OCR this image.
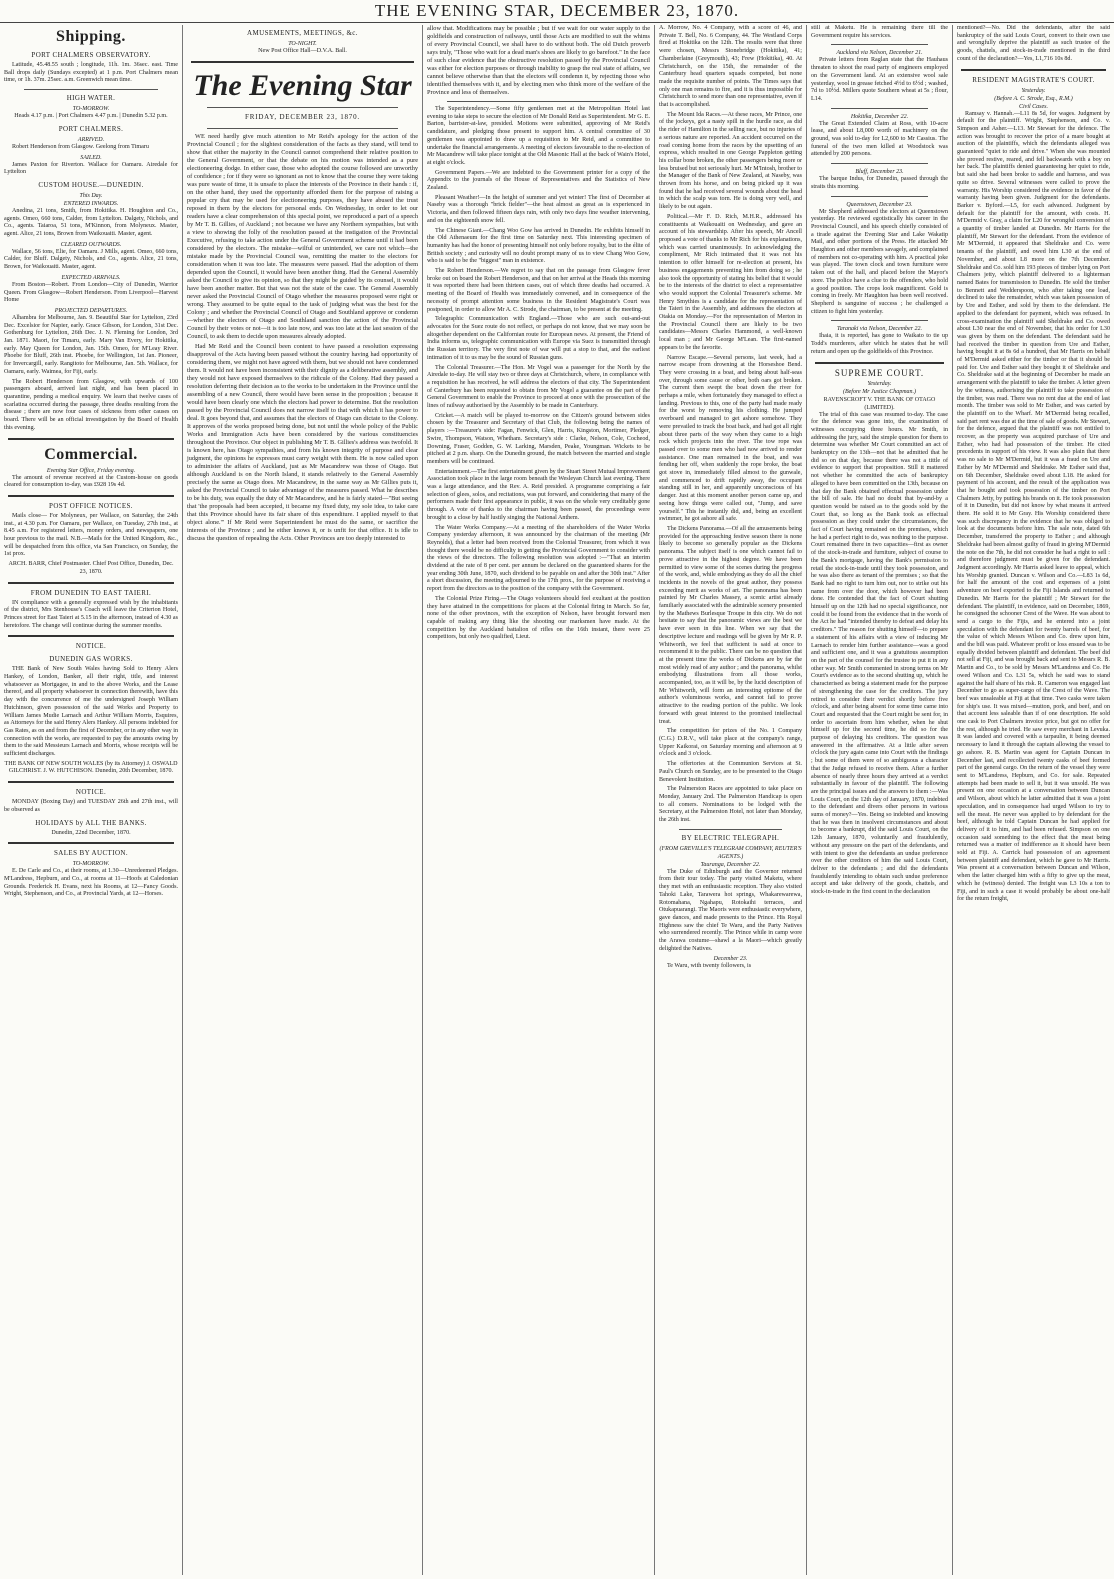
THE EVENING STAR, DECEMBER 23, 1870.
Shipping.
PORT CHALMERS OBSERVATORY.

Latitude, 45.48.55 south ; longitude, 11h. 1m. 36sec. east. Time Ball drops daily (Sundays excepted) at 1 p.m. Port Chalmers mean time, or 1h. 37m. 25sec. a.m. Greenwich mean time.

HIGH WATER.
TO-MORROW.

Heads 4.17 p.m. | Port Chalmers 4.47 p.m. | Dunedin 5.32 p.m.

PORT CHALMERS.
ARRIVED.

Robert Henderson from Glasgow. Geelong from Timaru

SAILED.

James Paxton for Riverton. Wallace for Oamaru. Airedale for Lyttelton

CUSTOM HOUSE.—DUNEDIN.
This Day.
ENTERED INWARDS.

Anedina, 21 tons, Smith, from Hokitika. H. Houghton and Co., agents. Omeo, 660 tons, Calder, from Lyttelton. Dalgety, Nichols, and Co., agents. Taiaroa, 51 tons, M'Kinnon, from Molyneux. Master, agent. Alice, 21 tons, Brown from Waikouaiti. Master, agent.

CLEARED OUTWARDS.

Wallace, 56 tons, Elie, for Oamaru. J Mills, agent. Omeo, 660 tons, Calder, for Bluff. Dalgety, Nichols, and Co., agents. Alice, 21 tons, Brown, for Waikouaiti. Master, agent.

EXPECTED ARRIVALS.

From Boston—Robert. From London—City of Dunedin, Warrior Queen. From Glasgow—Robert Henderson. From Liverpool—Harvest Home

PROJECTED DEPARTURES.

Alhambra for Melbourne, Jan. 9. Beautiful Star for Lyttelton, 23rd Dec. Excelsior for Napier, early. Grace Gibson, for London, 31st Dec. Gothenburg for Lyttelton, 26th Dec. J. N. Fleming for London, 3rd Jan. 1871. Maori, for Timaru, early. Mary Van Every, for Hokitika, early. May Queen for London, Jan. 15th. Omeo, for M'Leay River. Phoebe for Bluff, 26th inst. Phoebe, for Wellington, 1st Jan. Pioneer, for Invercargill, early. Rangitoto for Melbourne, Jan. 5th. Wallace, for Oamaru, early. Waimea, for Fiji, early.

The Robert Henderson from Glasgow, with upwards of 100 passengers aboard, arrived last night, and has been placed in quarantine, pending a medical enquiry. We learn that twelve cases of scarlatina occurred during the passage, three deaths resulting from the disease ; there are now four cases of sickness from other causes on board. There will be an official investigation by the Board of Health this evening.

Commercial.
Evening Star Office, Friday evening.

The amount of revenue received at the Custom-house on goods cleared for consumption to-day, was £928 19s 4d.

POST OFFICE NOTICES.

Mails close— For Molyneux, per Wallace, on Saturday, the 24th inst., at 4.30 p.m. For Oamaru, per Wallace, on Tuesday, 27th inst., at 8.45 a.m. For registered letters, money orders, and newspapers, one hour previous to the mail. N.B.—Mails for the United Kingdom, &c., will be despatched from this office, via San Francisco, on Sunday, the 1st prox.

ARCH. BARR, Chief Postmaster. Chief Post Office, Dunedin, Dec. 23, 1870.

FROM DUNEDIN TO EAST TAIERI.

IN compliance with a generally expressed wish by the inhabitants of the district, Mrs Stenhouse's Coach will leave the Criterion Hotel, Princes street for East Taieri at 5.15 in the afternoon, instead of 4.30 as heretofore. The change will continue during the summer months.

NOTICE.
DUNEDIN GAS WORKS.

THE Bank of New South Wales having Sold to Henry Alers Hankey, of London, Banker, all their right, title, and interest whatsoever as Mortgagee, in and to the above Works, and the Lease thereof, and all property whatsoever in connection therewith, have this day with the concurrence of me the undersigned Joseph William Hutchinson, given possession of the said Works and Property to William James Mudie Larnach and Arthur William Morris, Esquires, as Attorneys for the said Henry Alers Hankey. All persons indebted for Gas Rates, as on and from the first of December, or in any other way in connection with the works, are requested to pay the amounts owing by them to the said Messieurs Larnach and Morris, whose receipts will be sufficient discharges.

THE BANK OF NEW SOUTH WALES (by its Attorney) J. OSWALD GILCHRIST. J. W. HUTCHISON. Dunedin, 20th December, 1870.

NOTICE.

MONDAY (Boxing Day) and TUESDAY 26th and 27th inst., will be observed as

HOLIDAYS by ALL THE BANKS.

Dunedin, 22nd December, 1870.

SALES BY AUCTION.
TO-MORROW.

E. De Carle and Co., at their rooms, at 1.30—Unredeemed Pledges. M'Landress, Hepburn, and Co., at rooms at 11—Hoofs at Caledonian Grounds. Frederick H. Evans, next his Rooms, at 12—Fancy Goods. Wright, Stephenson, and Co., at Provincial Yards, at 12—Horses.

AMUSEMENTS, MEETINGS, &c.
TO-NIGHT.

New Post Office Hall—D.V.A. Ball.

The Evening Star
FRIDAY, DECEMBER 23, 1870.

WE need hardly give much attention to Mr Reid's apology for the action of the Provincial Council ; for the slightest consideration of the facts as they stand, will tend to show that either the majority in the Council cannot comprehend their relative position to the General Government, or that the debate on his motion was intended as a pure electioneering dodge. In either case, those who adopted the course followed are unworthy of confidence ; for if they were so ignorant as not to know that the course they were taking was pure waste of time, it is unsafe to place the interests of the Province in their hands : if, on the other hand, they used the opportunity afforded them for the purpose of raising a popular cry that may be used for electioneering purposes, they have abused the trust reposed in them by the electors for personal ends. On Wednesday, in order to let our readers have a clear comprehension of this special point, we reproduced a part of a speech by Mr T. B. Gillies, of Auckland ; not because we have any Northern sympathies, but with a view to showing the folly of the resolution passed at the instigation of the Provincial Executive, refusing to take action under the General Government scheme until it had been considered by the electors. The mistake—wilful or unintended, we care not which—the mistake made by the Provincial Council was, remitting the matter to the electors for consideration when it was too late. The measures were passed. Had the adoption of them depended upon the Council, it would have been another thing. Had the General Assembly asked the Council to give its opinion, so that they might be guided by its counsel, it would have been another matter. But that was not the state of the case. The General Assembly never asked the Provincial Council of Otago whether the measures proposed were right or wrong. They assumed to be quite equal to the task of judging what was the best for the Colony ; and whether the Provincial Council of Otago and Southland approve or condemn—whether the electors of Otago and Southland sanction the action of the Provincial Council by their votes or not—it is too late now, and was too late at the last session of the Council, to ask them to decide upon measures already adopted.

Had Mr Reid and the Council been content to have passed a resolution expressing disapproval of the Acts having been passed without the country having had opportunity of considering them, we might not have agreed with them, but we should not have condemned them. It would not have been inconsistent with their dignity as a deliberative assembly, and they would not have exposed themselves to the ridicule of the Colony. Had they passed a resolution deferring their decision as to the works to be undertaken in the Province until the assembling of a new Council, there would have been sense in the proposition ; because it would have been clearly one which the electors had power to determine. But the resolution passed by the Provincial Council does not narrow itself to that with which it has power to deal. It goes beyond that, and assumes that the electors of Otago can dictate to the Colony. It approves of the works proposed being done, but not until the whole policy of the Public Works and Immigration Acts have been considered by the various constituencies throughout the Province. Our object in publishing Mr T. B. Gillies's address was twofold. It is known here, has Otago sympathies, and from his known integrity of purpose and clear judgment, the opinions he expresses must carry weight with them. He is now called upon to administer the affairs of Auckland, just as Mr Macandrew was those of Otago. But although Auckland is on the North Island, it stands relatively to the General Assembly precisely the same as Otago does. Mr Macandrew, in the same way as Mr Gillies puts it, asked the Provincial Council to take advantage of the measures passed. What he describes to be his duty, was equally the duty of Mr Macandrew, and he is fairly stated—"But seeing that 'the proposals had been accepted, it became my fixed duty, my sole idea, to take care that this Province should have its fair share of this expenditure. I applied myself to that object alone.'" If Mr Reid were Superintendent he must do the same, or sacrifice the interests of the Province ; and he either knows it, or is unfit for that office. It is idle to discuss the question of repealing the Acts. Other Provinces are too deeply interested to

allow that. Modifications may be possible ; but if we wait for our water supply to the goldfields and construction of railways, until those Acts are modified to suit the whims of every Provincial Council, we shall have to do without both. The old Dutch proverb says truly, "Those who wait for a dead man's shoes are likely to go barefoot." In the face of such clear evidence that the obstructive resolution passed by the Provincial Council was either for election purposes or through inability to grasp the real state of affairs, we cannot believe otherwise than that the electors will condemn it, by rejecting those who identified themselves with it, and by electing men who think more of the welfare of the Province and less of themselves.

The Superintendency.—Some fifty gentlemen met at the Metropolitan Hotel last evening to take steps to secure the election of Mr Donald Reid as Superintendent. Mr G. E. Barton, barrister-at-law, presided. Motions were submitted, approving of Mr Reid's candidature, and pledging those present to support him. A central committee of 30 gentlemen was appointed to draw up a requisition to Mr Reid, and a committee to undertake the financial arrangements. A meeting of electors favourable to the re-election of Mr Macandrew will take place tonight at the Old Masonic Hall at the back of Wain's Hotel, at eight o'clock.

Government Papers.—We are indebted to the Government printer for a copy of the Appendix to the journals of the House of Representatives and the Statistics of New Zealand.

Pleasant Weather!—In the height of summer and yet winter! The first of December at Naseby was a thorough "brick fielder"—the heat almost as great as is experienced in Victoria, and then followed fifteen days rain, with only two days fine weather intervening, and on the eighteenth snow fell.

The Chinese Giant.—Chang Woo Gow has arrived in Dunedin. He exhibits himself in the Old Athenaeum for the first time on Saturday next. This interesting specimen of humanity has had the honor of presenting himself not only before royalty, but to the élite of British society ; and curiosity will no doubt prompt many of us to view Chang Woo Gow, who is said to be the "biggest" man in existence.

The Robert Henderson.—We regret to say that on the passage from Glasgow fever broke out on board the Robert Henderson, and that on her arrival at the Heads this morning it was reported there had been thirteen cases, out of which three deaths had occurred. A meeting of the Board of Health was immediately convened, and in consequence of the necessity of prompt attention some business in the Resident Magistrate's Court was postponed, in order to allow Mr A. C. Strode, the chairman, to be present at the meeting.

Telegraphic Communication with England.—Those who are such out-and-out advocates for the Suez route do not reflect, or perhaps do not know, that we may soon be altogether dependent on the Californian route for European news. At present, the Friend of India informs us, telegraphic communication with Europe via Suez is transmitted through the Russian territory. The very first note of war will put a stop to that, and the earliest intimation of it to us may be the sound of Russian guns.

The Colonial Treasurer.—The Hon. Mr Vogel was a passenger for the North by the Airedale to-day. He will stay two or three days at Christchurch, where, in compliance with a requisition he has received, he will address the electors of that city. The Superintendent of Canterbury has been requested to obtain from Mr Vogel a guarantee on the part of the General Government to enable the Province to proceed at once with the prosecution of the lines of railway authorised by the Assembly to be made in Canterbury.

Cricket.—A match will be played to-morrow on the Citizen's ground between sides chosen by the Treasurer and Secretary of that Club, the following being the names of players :—Treasurer's side: Fagan, Fenwick, Glen, Harris, Kingston, Mortimer, Pledger, Swire, Thompson, Watson, Whetham. Secretary's side : Clarke, Nelson, Cole, Cocheod, Downing, Fraser, Godden, G. W. Larking, Marsden, Peake, Youngman. Wickets to be pitched at 2 p.m. sharp. On the Dunedin ground, the match between the married and single members will be continued.

Entertainment.—The first entertainment given by the Stuart Street Mutual Improvement Association took place in the large room beneath the Wesleyan Church last evening. There was a large attendance, and the Rev. A. Reid presided. A programme comprising a fair selection of glees, solos, and recitations, was put forward, and considering that many of the performers made their first appearance in public, it was on the whole very creditably gone through. A vote of thanks to the chairman having been passed, the proceedings were brought to a close by half lustily singing the National Anthem.

The Water Works Company.—At a meeting of the shareholders of the Water Works Company yesterday afternoon, it was announced by the chairman of the meeting (Mr Reynolds), that a letter had been received from the Colonial Treasurer, from which it was thought there would be no difficulty in getting the Provincial Government to consider with the views of the directors. The following resolution was adopted :—"That an interim dividend at the rate of 8 per cent. per annum be declared on the guaranteed shares for the year ending 30th June, 1870, such dividend to be payable on and after the 30th inst." After a short discussion, the meeting adjourned to the 17th prox., for the purpose of receiving a report from the directors as to the position of the company with the Government.

The Colonial Prize Firing.—The Otago volunteers should feel exultant at the position they have attained in the competitions for places at the Colonial firing in March. So far, none of the other provinces, with the exception of Nelson, have brought forward men capable of making any thing like the shooting our marksmen have made. At the competition by the Auckland battalion of rifles on the 16th instant, there were 25 competitors, but only two qualified, Lieut.

A. Morrow, No. 4 Company, with a score of 46, and Private T. Bell, No. 6 Company, 44. The Westland Corps fired at Hokitika on the 12th. The results were that three were chosen, Messrs Stonebridge (Hokitika), 41; Chamberlaine (Greymouth), 43; Frew (Hokitika), 40. At Christchurch, on the 15th, the remainder of the Canterbury head quarters squads competed, but none made the requisite number of points. The Times says that only one man remains to fire, and it is thus impossible for Christchurch to send more than one representative, even if that is accomplished.

The Mount Ida Races.—At these races, Mr Prince, one of the jockeys, got a nasty spill in the hurdle race, as did the rider of Hamilton in the selling race, but no injuries of a serious nature are reported. An accident occurred on the road coming home from the races by the upsetting of an express, which resulted in one George Pappleton getting his collar bone broken, the other passengers being more or less bruised but not seriously hurt. Mr M'Intosh, brother to the Manager of the Bank of New Zealand, at Naseby, was thrown from his horse, and on being picked up it was found that he had received several wounds about the head in which the scalp was torn. He is doing very well, and likely to be out again.

Political.—Mr F. D. Rich, M.H.R., addressed his constituents at Waikouaiti on Wednesday, and gave an account of his stewardship. After his speech, Mr Ancell proposed a vote of thanks to Mr Rich for his explanations, which was carried unanimously. In acknowledging the compliment, Mr Rich intimated that it was not his intention to offer himself for re-election at present, his business engagements preventing him from doing so ; he also took the opportunity of stating his belief that it would be to the interests of the district to elect a representative who would support the Colonial Treasurer's scheme. Mr Henry Smythies is a candidate for the representation of the Taieri in the Assembly, and addresses the electors at Otakia on Monday.—For the representation of Merton in the Provincial Council there are likely to be two candidates—Messrs Charles Hammond, a well-known local man ; and Mr George M'Lean. The first-named appears to be the favorite.

Narrow Escape.—Several persons, last week, had a narrow escape from drowning at the Horseshoe Bend. They were crossing in a boat, and being about half-seas over, through some cause or other, both oars got broken. The current then swept the boat down the river for perhaps a mile, when fortunately they managed to effect a landing. Previous to this, one of the party had made ready for the worst by removing his clothing. He jumped overboard and managed to get ashore somehow. They were prevailed to track the boat back, and had got all right about three parts of the way when they came to a high rock which projects into the river. The tow rope was passed over to some men who had now arrived to render assistance. One man remained in the boat, and was fending her off, when suddenly the rope broke, the boat got stove in, immediately filled almost to the gunwale, and commenced to drift rapidly away, the occupant standing still in her, and apparently unconscious of his danger. Just at this moment another person came up, and seeing how things were called out, "Jump, and save yourself." This he instantly did, and, being an excellent swimmer, he got ashore all safe.

The Dickens Panorama.—Of all the amusements being provided for the approaching festive season there is none likely to become so generally popular as the Dickens panorama. The subject itself is one which cannot fail to prove attractive in the highest degree. We have been permitted to view some of the scenes during the progress of the work, and, while embodying as they do all the chief incidents in the novels of the great author, they possess exceeding merit as works of art. The panorama has been painted by Mr Charles Massey, a scenic artist already familiarly associated with the admirable scenery presented by the Mathews Burlesque Troupe in this city. We do not hesitate to say that the panoramic views are the best we have ever seen in this line. When we say that the descriptive lecture and readings will be given by Mr R. P. Whitworth, we feel that sufficient is said at once to recommend it to the public. There can be no question that at the present time the works of Dickens are by far the most widely read of any author ; and the panorama, whilst embodying illustrations from all those works, accompanied, too, as it will be, by the lucid description of Mr Whitworth, will form an interesting epitome of the author's voluminous works, and cannot fail to prove attractive to the reading portion of the public. We look forward with great interest to the promised intellectual treat.

The competition for prizes of the No. 1 Company (C.G.) D.R.V., will take place at the company's range, Upper Kaikorai, on Saturday morning and afternoon at 9 o'clock and 3 o'clock.

The offertories at the Communion Services at St. Paul's Church on Sunday, are to be presented to the Otago Benevolent Institution.

The Palmerston Races are appointed to take place on Monday, January 2nd. The Palmerston Handicap is open to all comers. Nominations to be lodged with the Secretary, at the Palmerston Hotel, not later than Monday, the 26th inst.

BY ELECTRIC TELEGRAPH.
(FROM GREVILLE'S TELEGRAM COMPANY, REUTER'S AGENTS.)
Tauranga, December 22.

The Duke of Edinburgh and the Governor returned from their tour today. The party visited Maketu, where they met with an enthusiastic reception. They also visited Tahoki Lake, Tarawera hot springs, Whakarewarewa, Rotomahana, Ngahapu, Rotokaihi terraces, and Otukapuarangi. The Maoris were enthusiastic everywhere, gave dances, and made presents to the Prince. His Royal Highness saw the chief Te Waru, and the Party Natives who surrendered recently. The Prince while in camp wore the Arawa costume—shawl a la Maori—which greatly delighted the Natives.

December 23.

Te Waru, with twenty followers, is

still at Maketu. He is remaining there till the Government require his services.

Auckland via Nelson, December 21.

Private letters from Raglan state that the Hauhaus threaten to shoot the road party of engineers employed on the Government land. At an extensive wool sale yesterday, wool in grease fetched 4½d to 6½d ; washed, 7d to 10½d. Millers quote Southern wheat at 5s ; flour, L14.

Hokitika, December 22.

The Great Extended Claim at Ross, with 10-acre lease, and about L8,000 worth of machinery on the ground, was sold to-day for L2,600 to Mr Cassius. The funeral of the two men killed at Woodstock was attended by 200 persons.

Bluff, December 23.

The barque Indus, for Dunedin, passed through the straits this morning.

Queenstown, December 23.

Mr Shepherd addressed the electors at Queenstown yesterday. He reviewed egotistically his career in the Provincial Council, and his speech chiefly consisted of a tirade against the Evening Star and Lake Wakatip Mail, and other portions of the Press. He attacked Mr Haughton and other members savagely, and complained of members not co-operating with him. A practical joke was played. The town clock and town furniture were taken out of the hall, and placed before the Mayor's store. The police have a clue to the offenders, who hold a good position. The crops look magnificent. Gold is coming in freely. Mr Haughton has been well received. Shepherd is sanguine of success ; he challenged a citizen to fight him yesterday.

Taranaki via Nelson, December 22.

Ihaia, it is reported, has gone to Waikato to tie up Todd's murderers, after which he states that he will return and open up the goldfields of this Province.

SUPREME COURT.
Yesterday.
(Before Mr Justice Chapman.)
RAVENSCROFT V. THE BANK OF OTAGO (LIMITED).

The trial of this case was resumed to-day. The case for the defence was gone into, the examination of witnesses occupying three hours. Mr Smith, in addressing the jury, said the simple question for them to determine was whether Mr Court committed an act of bankruptcy on the 13th—not that he admitted that he did so on that day, because there was not a tittle of evidence to support that proposition. Still it mattered not whether he committed the acts of bankruptcy alleged to have been committed on the 13th, because on that day the Bank obtained effectual possession under the bill of sale. He had no doubt that by-and-by a question would be raised as to the goods sold by the Court that, so long as the Bank took as effectual possession as they could under the circumstances, the fact of Court having remained on the premises, which he had a perfect right to do, was nothing to the purpose. Court remained there in two capacities—first as owner of the stock-in-trade and furniture, subject of course to the Bank's mortgage, having the Bank's permission to retail the stock-in-trade until they took possession, and he was also there as tenant of the premises ; so that the Bank had no right to turn him out, nor to strike out his name from over the door, which however had been done. He contended that the fact of Court shutting himself up on the 12th had no special significance, nor could it be found from the evidence that in the words of the Act he had "intended thereby to defeat and delay his creditors." The reason for shutting himself—to prepare a statement of his affairs with a view of inducing Mr Larnach to render him further assistance—was a good and sufficient one, and it was a gratuitous assumption on the part of the counsel for the trustee to put it in any other way. Mr Smith commented in strong terms on Mr Court's evidence as to the second shutting up, which he characterised as being a statement made for the purpose of strengthening the case for the creditors. The jury retired to consider their verdict shortly before five o'clock, and after being absent for some time came into Court and requested that the Court might be sent for, in order to ascertain from him whether, when he shut himself up for the second time, he did so for the purpose of delaying his creditors. The question was answered in the affirmative. At a little after seven o'clock the jury again came into Court with the findings ; but some of them were of so ambiguous a character that the Judge refused to receive them. After a further absence of nearly three hours they arrived at a verdict substantially in favour of the plaintiff. The following are the principal issues and the answers to them :—Was Louis Court, on the 12th day of January, 1870, indebted to the defendant and divers other persons in various sums of money?—Yes. Being so indebted and knowing that he was then in insolvent circumstances and about to become a bankrupt, did the said Louis Court, on the 12th January, 1870, voluntarily and fraudulently, without any pressure on the part of the defendants, and with intent to give the defendants an undue preference over the other creditors of him the said Louis Court, deliver to the defendants ; and did the defendants fraudulently intending to obtain such undue preference accept and take delivery of the goods, chattels, and stock-in-trade in the first count in the declaration

mentioned?—No. Did the defendants, after the said bankruptcy of the said Louis Court, convert to their own use and wrongfully deprive the plaintiff as such trustee of the goods, chattels, and stock-in-trade mentioned in the third count of the declaration?—Yes, L1,716 10s 8d.

RESIDENT MAGISTRATE'S COURT.
Yesterday.
(Before A. C. Strode, Esq., R.M.)
Civil Cases.

Ramsay v. Hannah.—L11 8s 5d, for wages. Judgment by default for the plaintiff. Wright, Stephenson, and Co. v. Simpson and Asher.—L13. Mr Stewart for the defence. The action was brought to recover the price of a mare bought at auction of the plaintiffs, which the defendants alleged was guaranteed "quiet to ride and drive." When she was mounted she proved restive, reared, and fell backwards with a boy on her back. The plaintiffs denied guaranteeing her quiet to ride, but said she had been broke to saddle and harness, and was quite so drive. Several witnesses were called to prove the warranty. His Worship considered the evidence in favor of the warranty having been given. Judgment for the defendants. Barker v. Byford.—L5, for each advanced. Judgment by default for the plaintiff for the amount, with costs. H. M'Dermid v. Gray, a claim for L20 for wrongful conversion of a quantity of timber landed at Dunedin. Mr Harris for the plaintiff, Mr Stewart for the defendant. From the evidence of Mr M'Dermid, it appeared that Sheldrake and Co. were tenants of the plaintiff, and owed him L30 at the end of November, and about L8 more on the 7th December. Sheldrake and Co. sold him 193 pieces of timber lying on Port Chalmers jetty, which plaintiff delivered to a lighterman named Bates for transmission to Dunedin. He sold the timber to Bennett and Wedderspoon, who after taking one load, declined to take the remainder, which was taken possession of by Ure and Esther, and sold by them to the defendant. He applied to the defendant for payment, which was refused. In cross-examination the plaintiff said Sheldrake and Co. owed about L30 near the end of November, that his order for L30 was given by them on the defendant. The defendant said he had received the timber in question from Ure and Esther, having bought it at 8s 6d a hundred, that Mr Harris on behalf of M'Dermid asked either for the timber or that it should be paid for. Ure and Esther said they bought it of Sheldrake and Co. Sheldrake said at the beginning of December he made an arrangement with the plaintiff to take the timber. A letter given by the witness, authorising the plaintiff to take possession of the timber, was read. There was no rent due at the end of last month. The timber was sold to Mr Esther, and was carted by the plaintiff on to the Wharf. Mr M'Dermid being recalled, said part rent was due at the time of sale of goods. Mr Stewart, for the defence, argued that the plaintiff was not entitled to recover, as the property was acquired purchase of Ure and Esther, who had had possession of the timber. He cited precedents in support of his view. It was also plain that there was no sale to Mr M'Dermid, but it was a fraud on Ure and Esther by Mr M'Dermid and Sheldrake. Mr Esther said that, on 6th December, Sheldrake owed about L18. He asked for payment of his account, and the result of the application was that he bought and took possession of the timber on Port Chalmers Jetty, by putting his brands on it. He took possession of it in Dunedin, but did not know by what means it arrived there. He sold it to Mr Gray. His Worship considered there was such discrepancy in the evidence that he was obliged to look at the documents before him. The sale note, dated 6th December, transferred the property to Esther ; and although Sheldrake had been almost guilty of fraud in giving M'Dermid the note on the 7th, he did not consider he had a right to sell : and therefore judgment must be given for the defendant. Judgment accordingly. Mr Harris asked leave to appeal, which his Worship granted. Duncan v. Wilson and Co.—L83 1s 6d, for half the amount of the cost and expenses of a joint adventure on beef exported to the Fiji Islands and returned to Dunedin. Mr Harris for the plaintiff ; Mr Stewart for the defendant. The plaintiff, in evidence, said on December, 1869, he consigned the schooner Crest of the Wave. He was about to send a cargo to the Fijis, and he entered into a joint speculation with the defendant for twenty barrels of beef, for the value of which Messrs Wilson and Co. drew upon him, and the bill was paid. Whatever profit or loss ensued was to be equally divided between plaintiff and defendant. The beef did not sell at Fiji, and was brought back and sent to Messrs R. B. Martin and Co., to be sold by Messrs M'Landress and Co. He owed Wilson and Co. L31 5s, which he said was to stand against the half share of his risk. R. Cameron was engaged last December to go as super-cargo of the Crest of the Wave. The beef was unsaleable at Fiji at that time. Two casks were taken for ship's use. It was mixed—mutton, pork, and beef, and on that account less saleable than if of one description. He sold one cask to Port Chalmers invoice price, but got no offer for the rest, although he tried. He saw every merchant in Levuka. It was landed and covered with a tarpaulin, it being deemed necessary to land it through the captain allowing the vessel to go ashore. R. B. Martin was agent for Captain Duncan in December last, and recollected twenty casks of beef formed part of the general cargo. On the return of the vessel they were sent to M'Landress, Hepburn, and Co. for sale. Repeated attempts had been made to sell it, but it was unsold. He was present on one occasion at a conversation between Duncan and Wilson, about which he latter admitted that it was a joint speculation, and in consequence had urged Wilson to try to sell the meat. He never was applied to by defendant for the beef, although he told Captain Duncan he had applied for delivery of it to him, and had been refused. Simpson on one occasion said something to the effect that the meat being returned was a matter of indifference as it should have been sold at Fiji. A. Carrick had possession of an agreement between plaintiff and defendant, which he gave to Mr Harris. Was present at a conversation between Duncan and Wilson, when the latter charged him with a fifty to give up the meat, which he (witness) denied. The freight was L3 10s a ton to Fiji, and in such a case it would probably be about one-half for the return freight,
